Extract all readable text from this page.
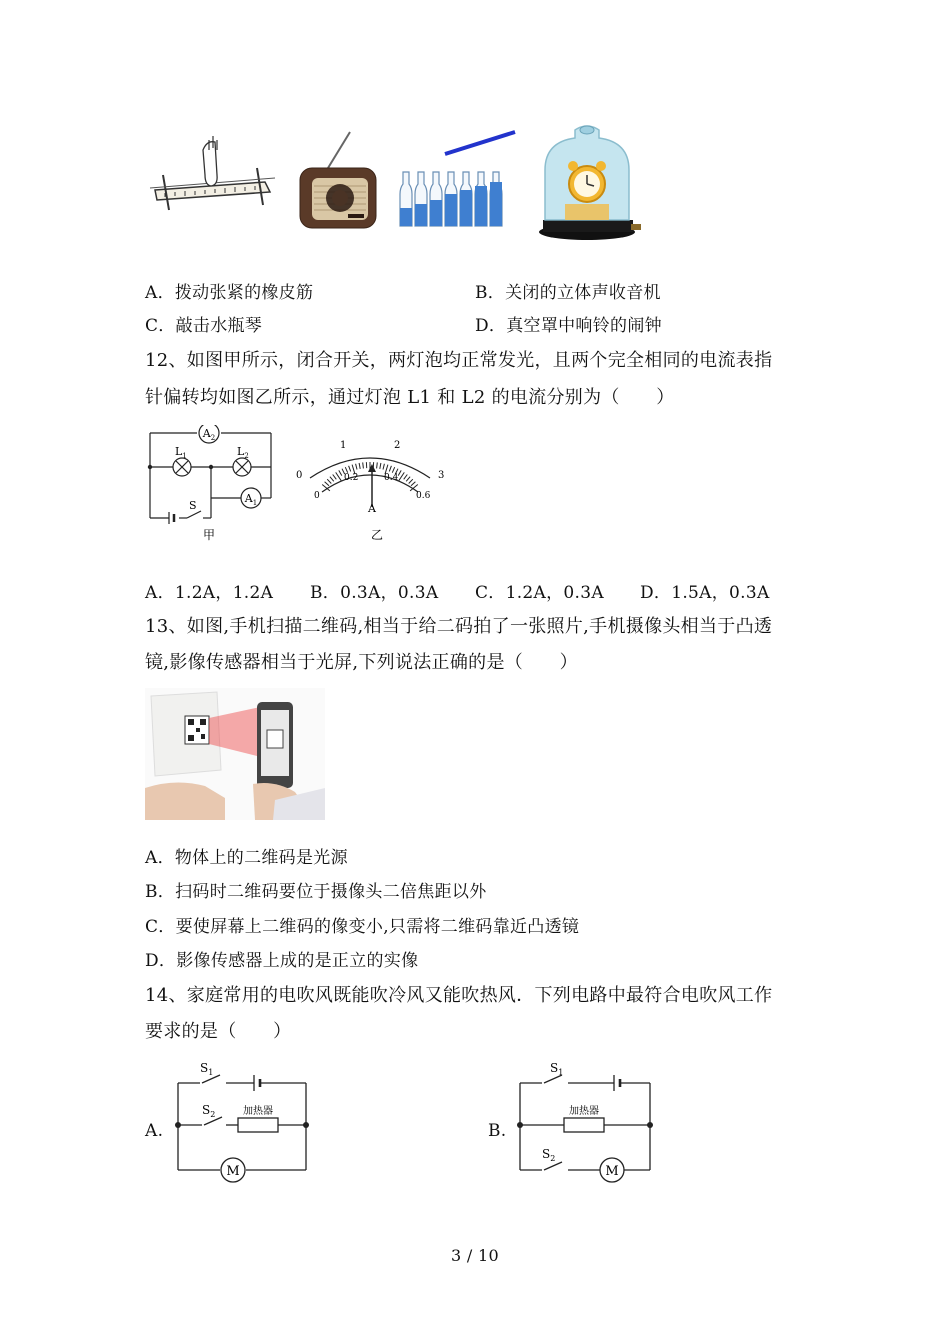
A．拨动张紧的橡皮筋	B．关闭的立体声收音机
C．敲击水瓶琴	D．真空罩中响铃的闹钟
12、如图甲所示，闭合开关，两灯泡均正常发光，且两个完全相同的电流表指
针偏转均如图乙所示，通过灯泡 L1 和 L2 的电流分别为（　　）
$A_2$
$L_1$	$L_2$
$A_1$
S
甲
0
1	2
3
0
0.2	0.4
0.6
A
乙
A．1.2A，1.2A B．0.3A，0.3A C．1.2A，0.3A D．1.5A，0.3A
13、如图,手机扫描二维码,相当于给二码拍了一张照片,手机摄像头相当于凸透
镜,影像传感器相当于光屏,下列说法正确的是（　　）
A．物体上的二维码是光源
B．扫码时二维码要位于摄像头二倍焦距以外
C．要使屏幕上二维码的像变小,只需将二维码靠近凸透镜
D．影像传感器上成的是正立的实像
14、家庭常用的电吹风既能吹冷风又能吹热风．下列电路中最符合电吹风工作
要求的是（　　）
A.
$S_1$
$S_2$	加热器
M
B.
$S_1$
加热器
$S_2$
M
3 / 10
